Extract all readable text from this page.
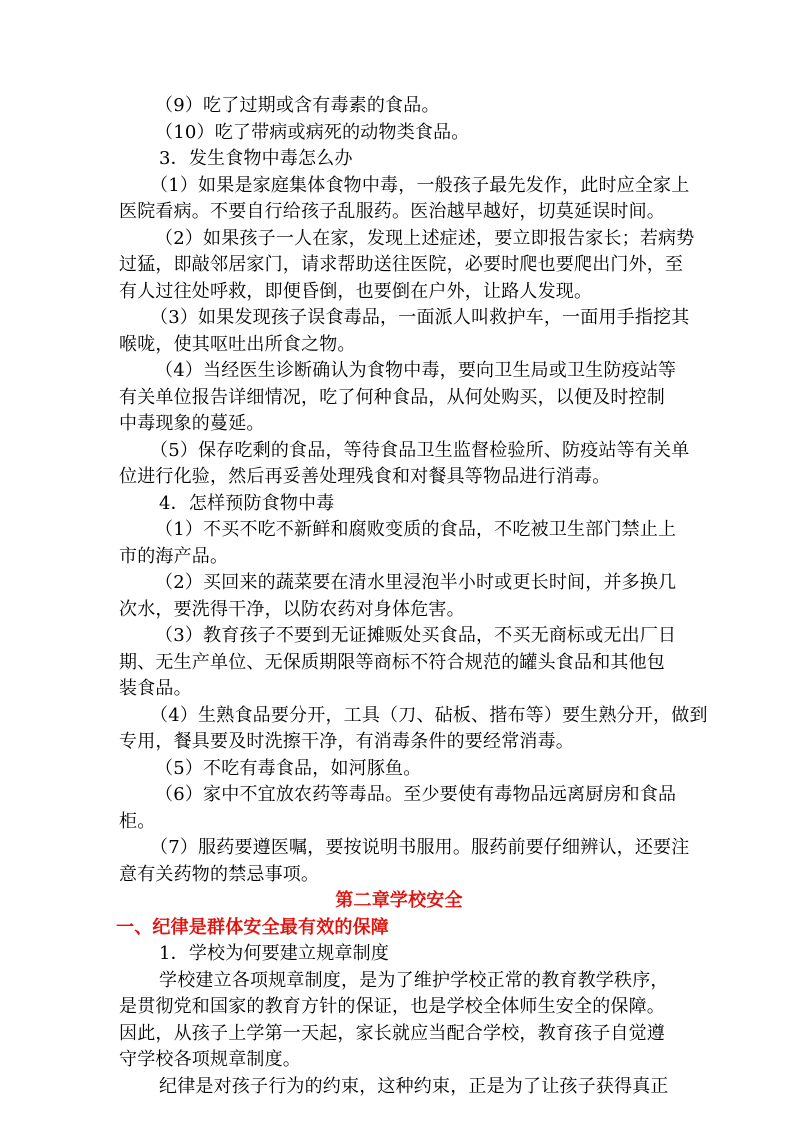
（9）吃了过期或含有毒素的食品。
（10）吃了带病或病死的动物类食品。
3．发生食物中毒怎么办
（1）如果是家庭集体食物中毒，一般孩子最先发作，此时应全家上
医院看病。不要自行给孩子乱服药。医治越早越好，切莫延误时间。
（2）如果孩子一人在家，发现上述症述，要立即报告家长；若病势
过猛，即敲邻居家门，请求帮助送往医院，必要时爬也要爬出门外，至
有人过往处呼救，即便昏倒，也要倒在户外，让路人发现。
（3）如果发现孩子误食毒品，一面派人叫救护车，一面用手指挖其
喉咙，使其呕吐出所食之物。
（4）当经医生诊断确认为食物中毒，要向卫生局或卫生防疫站等
有关单位报告详细情况，吃了何种食品，从何处购买，以便及时控制
中毒现象的蔓延。
（5）保存吃剩的食品，等待食品卫生监督检验所、防疫站等有关单
位进行化验，然后再妥善处理残食和对餐具等物品进行消毒。
4．怎样预防食物中毒
（1）不买不吃不新鲜和腐败变质的食品，不吃被卫生部门禁止上
市的海产品。
（2）买回来的蔬菜要在清水里浸泡半小时或更长时间，并多换几
次水，要洗得干净，以防农药对身体危害。
（3）教育孩子不要到无证摊贩处买食品，不买无商标或无出厂日
期、无生产单位、无保质期限等商标不符合规范的罐头食品和其他包
装食品。
（4）生熟食品要分开，工具（刀、砧板、揩布等）要生熟分开，做到
专用，餐具要及时洗擦干净，有消毒条件的要经常消毒。
（5）不吃有毒食品，如河豚鱼。
（6）家中不宜放农药等毒品。至少要使有毒物品远离厨房和食品
柜。
（7）服药要遵医嘱，要按说明书服用。服药前要仔细辨认，还要注
意有关药物的禁忌事项。
第二章学校安全
一、纪律是群体安全最有效的保障
1．学校为何要建立规章制度
学校建立各项规章制度，是为了维护学校正常的教育教学秩序，
是贯彻党和国家的教育方针的保证，也是学校全体师生安全的保障。
因此，从孩子上学第一天起，家长就应当配合学校，教育孩子自觉遵
守学校各项规章制度。
纪律是对孩子行为的约束，这种约束，正是为了让孩子获得真正
